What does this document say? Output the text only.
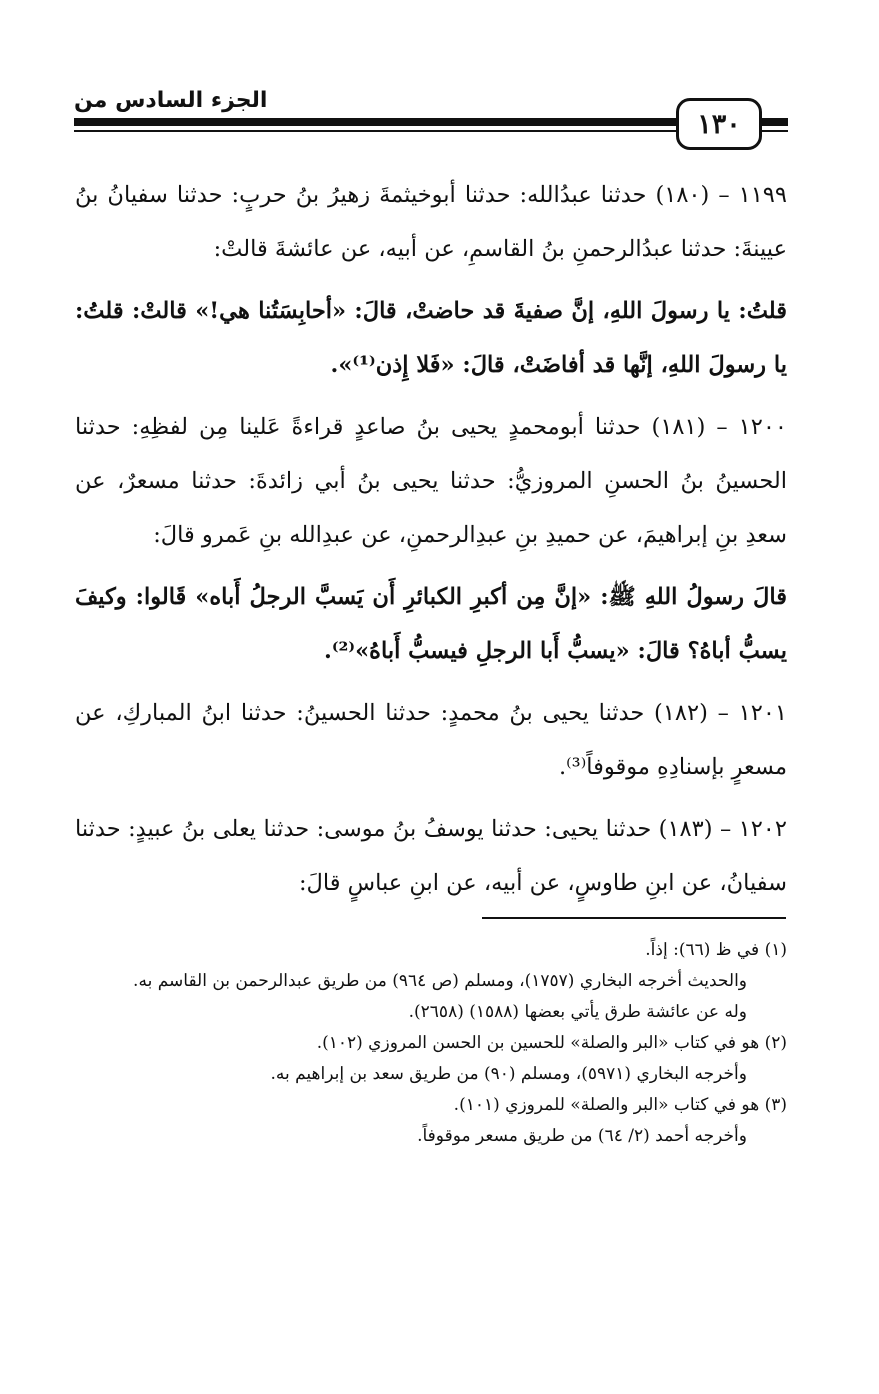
١٣٠
الجزء السادس من

١١٩٩ – (١٨٠) حدثنا عبدُالله: حدثنا أبوخيثمةَ زهيرُ بنُ حربٍ: حدثنا سفيانُ بنُ عيينةَ: حدثنا عبدُالرحمنِ بنُ القاسمِ، عن أبيه، عن عائشةَ قالتْ:

قلتُ: يا رسولَ اللهِ، إنَّ صفيةَ قد حاضتْ، قالَ: «أحابِسَتُنا هي!» قالتْ: قلتُ: يا رسولَ اللهِ، إنَّها قد أفاضَتْ، قالَ: «فَلا إِذن⁽¹⁾».

١٢٠٠ – (١٨١) حدثنا أبومحمدٍ يحيى بنُ صاعدٍ قراءةً عَلينا مِن لفظِهِ: حدثنا الحسينُ بنُ الحسنِ المروزيُّ: حدثنا يحيى بنُ أبي زائدةَ: حدثنا مسعرٌ، عن سعدِ بنِ إبراهيمَ، عن حميدِ بنِ عبدِالرحمنِ، عن عبدِالله بنِ عَمرو قالَ:

قالَ رسولُ اللهِ ﷺ: «إنَّ مِن أكبرِ الكبائرِ أَن يَسبَّ الرجلُ أَباه» قَالوا: وكيفَ يسبُّ أباهُ؟ قالَ: «يسبُّ أَبا الرجلِ فيسبُّ أَباهُ»⁽²⁾.

١٢٠١ – (١٨٢) حدثنا يحيى بنُ محمدٍ: حدثنا الحسينُ: حدثنا ابنُ المباركِ، عن مسعرٍ بإسنادِهِ موقوفاً⁽³⁾.

١٢٠٢ – (١٨٣) حدثنا يحيى: حدثنا يوسفُ بنُ موسى: حدثنا يعلى بنُ عبيدٍ: حدثنا سفيانُ، عن ابنِ طاوسٍ، عن أبيه، عن ابنِ عباسٍ قالَ:

(١) في ظ (٦٦): إذاً.

والحديث أخرجه البخاري (١٧٥٧)، ومسلم (ص ٩٦٤) من طريق عبدالرحمن بن القاسم به.

وله عن عائشة طرق يأتي بعضها (١٥٨٨) (٢٦٥٨).

(٢) هو في كتاب «البر والصلة» للحسين بن الحسن المروزي (١٠٢).

وأخرجه البخاري (٥٩٧١)، ومسلم (٩٠) من طريق سعد بن إبراهيم به.

(٣) هو في كتاب «البر والصلة» للمروزي (١٠١).

وأخرجه أحمد (٢/ ٦٤) من طريق مسعر موقوفاً.
